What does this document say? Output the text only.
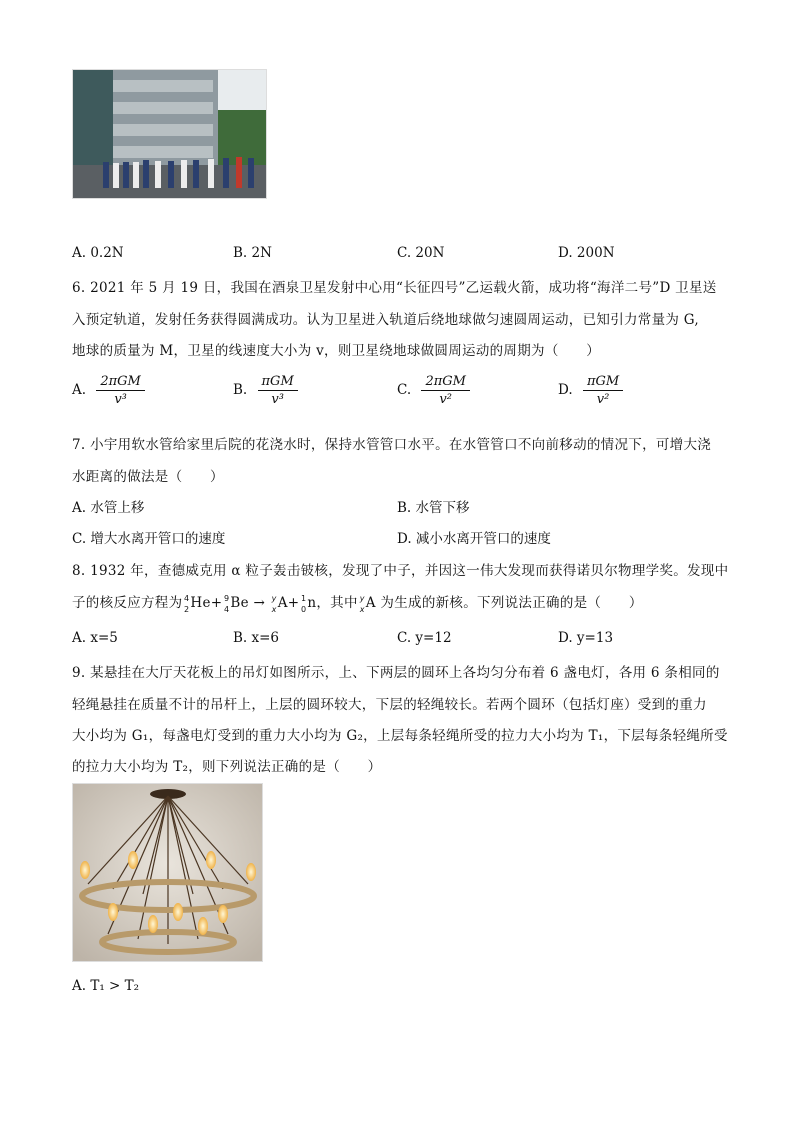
A. 0.2N	B. 2N	C. 20N	D. 200N
6. 2021 年 5 月 19 日，我国在酒泉卫星发射中心用“长征四号”乙运载火箭，成功将“海洋二号”D 卫星送
入预定轨道，发射任务获得圆满成功。认为卫星进入轨道后绕地球做匀速圆周运动，已知引力常量为 G,
地球的质量为 M，卫星的线速度大小为 v，则卫星绕地球做圆周运动的周期为（　　）
A. $\frac{\text{2πGM}}{\text{v³}}$	B. $\frac{\text{πGM}}{\text{v³}}$	C. $\frac{\text{2πGM}}{\text{v²}}$	D. $\frac{\text{πGM}}{\text{v²}}$
7. 小宇用软水管给家里后院的花浇水时，保持水管管口水平。在水管管口不向前移动的情况下，可增大浇
水距离的做法是（　　）
A. 水管上移	B. 水管下移
C. 增大水离开管口的速度	D. 减小水离开管口的速度
8. 1932 年，查德威克用 α 粒子轰击铍核，发现了中子，并因这一伟大发现而获得诺贝尔物理学奖。发现中
子的核反应方程为 4
2 He+ 9
4 Be → y
x A+ 1
0 n，其中 y
x A 为生成的新核。下列说法正确的是（　　）
A. x=5	B. x=6	C. y=12	D. y=13
9. 某悬挂在大厅天花板上的吊灯如图所示，上、下两层的圆环上各均匀分布着 6 盏电灯，各用 6 条相同的
轻绳悬挂在质量不计的吊杆上，上层的圆环较大，下层的轻绳较长。若两个圆环（包括灯座）受到的重力
大小均为 G₁，每盏电灯受到的重力大小均为 G₂，上层每条轻绳所受的拉力大小均为 T₁，下层每条轻绳所受
的拉力大小均为 T₂，则下列说法正确的是（　　）
A. T₁ > T₂
